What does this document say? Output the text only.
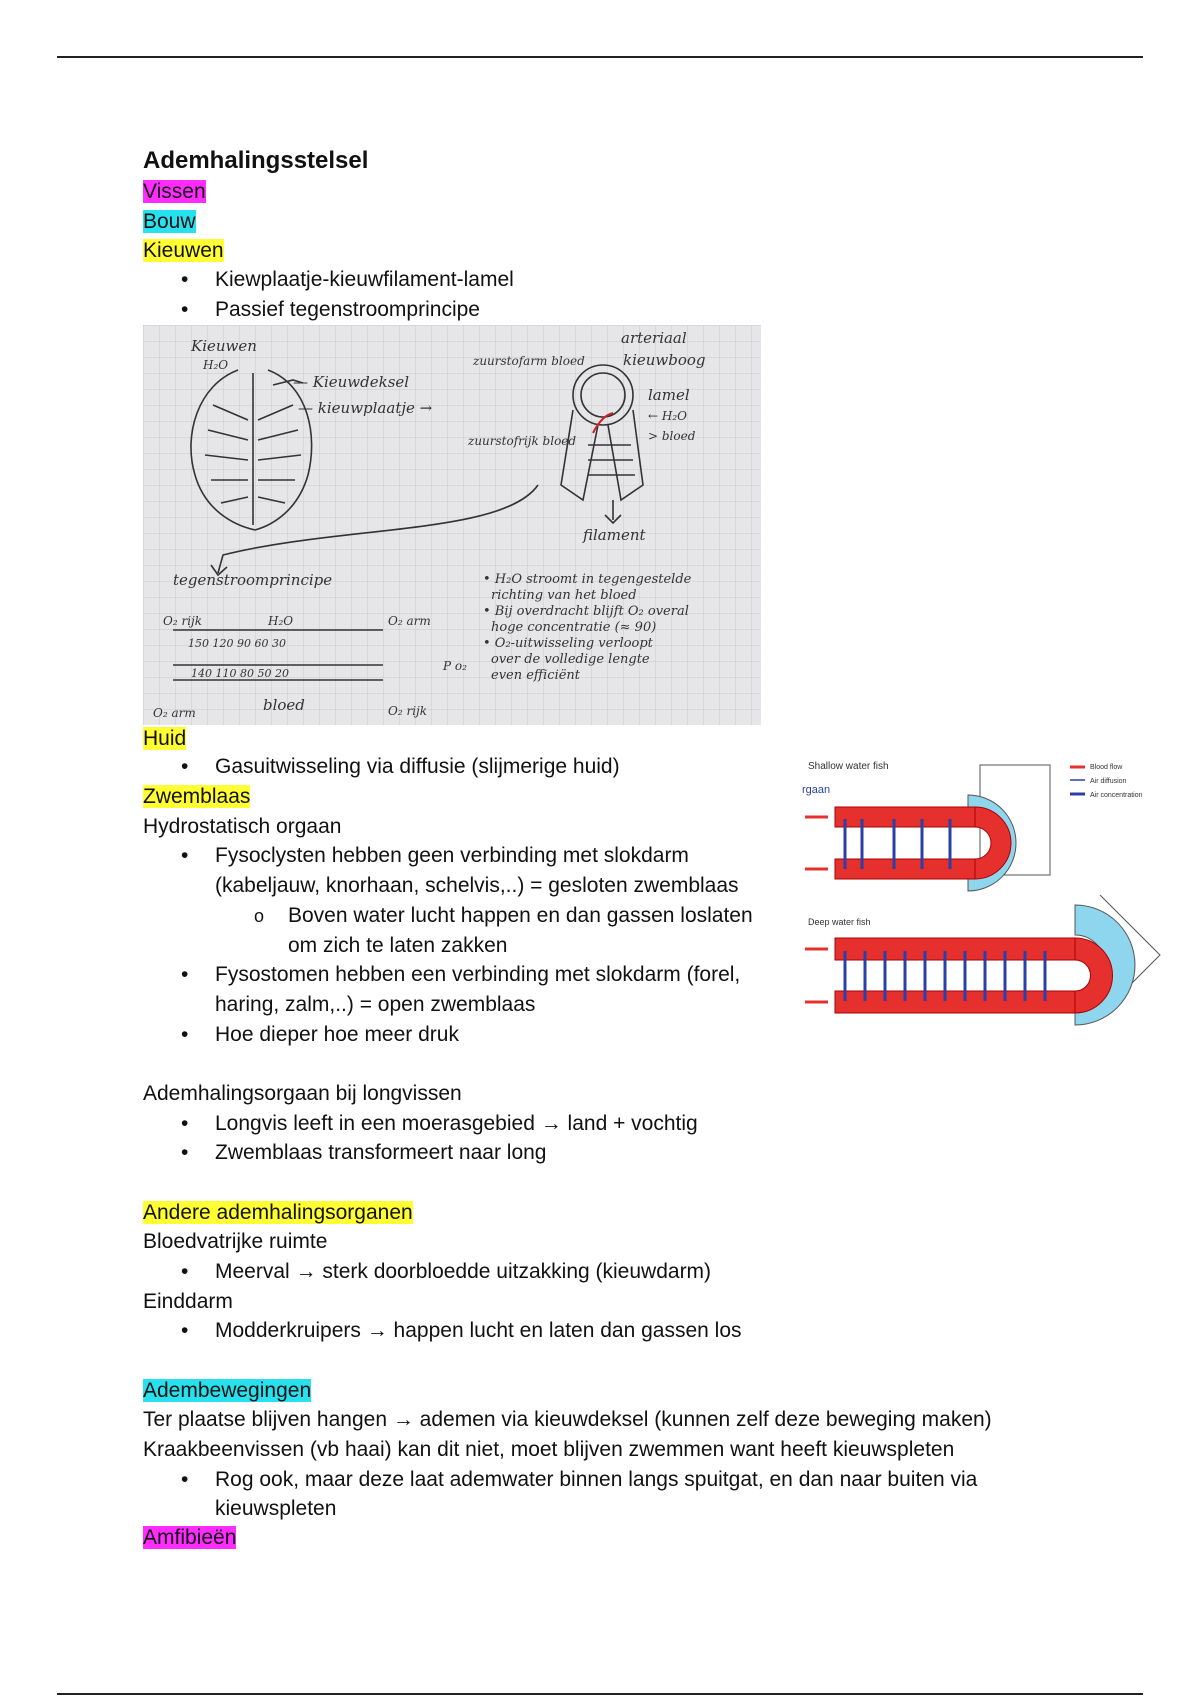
Ademhalingsstelsel
Vissen
Bouw
Kieuwen
• Kiewplaatje-kieuwfilament-lamel
• Passief tegenstroomprincipe
Kieuwen
H₂O
— Kieuwdeksel
— kieuwplaatje →
zuurstofarm bloed
arteriaal
kieuwboog
lamel
← H₂O
> bloed
zuurstofrijk bloed
filament
tegenstroomprincipe	• H₂O stroomt in tegengestelde
richting van het bloed
• Bij overdracht blijft O₂ overal
hoge concentratie (≈ 90)
• O₂-uitwisseling verloopt
over de volledige lengte
even efficiënt
O₂ rijk	H₂O	O₂ arm
150 120 90 60 30
140 110 80 50 20
bloed
O₂ arm	O₂ rijk
P o₂
Huid
• Gasuitwisseling via diffusie (slijmerige huid)
Zwemblaas
Hydrostatisch orgaan
• Fysoclysten hebben geen verbinding met slokdarm
(kabeljauw, knorhaan, schelvis,..) = gesloten zwemblaas
o Boven water lucht happen en dan gassen loslaten
om zich te laten zakken
• Fysostomen hebben een verbinding met slokdarm (forel,
haring, zalm,..) = open zwemblaas
• Hoe dieper hoe meer druk
Shallow water fish
rgaan
Deep water fish
Blood flow
Air diffusion
Air concentration
Ademhalingsorgaan bij longvissen
• Longvis leeft in een moerasgebied → land + vochtig
• Zwemblaas transformeert naar long
Andere ademhalingsorganen
Bloedvatrijke ruimte
• Meerval → sterk doorbloedde uitzakking (kieuwdarm)
Einddarm
• Modderkruipers → happen lucht en laten dan gassen los
Adembewegingen
Ter plaatse blijven hangen → ademen via kieuwdeksel (kunnen zelf deze beweging maken)
Kraakbeenvissen (vb haai) kan dit niet, moet blijven zwemmen want heeft kieuwspleten
• Rog ook, maar deze laat ademwater binnen langs spuitgat, en dan naar buiten via
kieuwspleten
Amfibieën
